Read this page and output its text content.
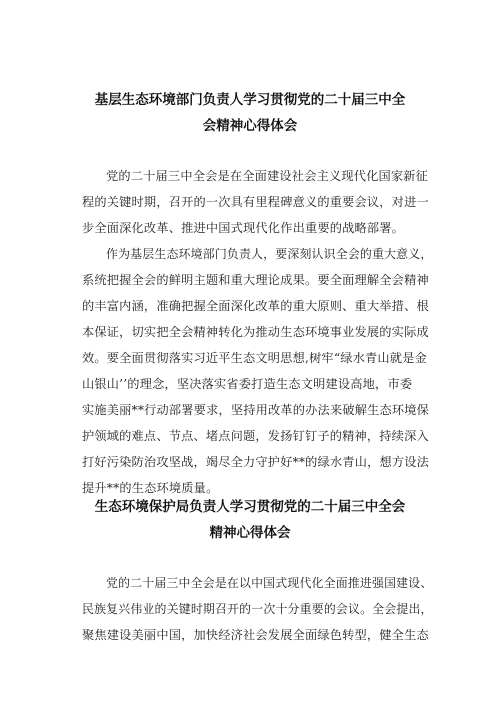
基层生态环境部门负责人学习贯彻党的二十届三中全
会精神心得体会
党的二十届三中全会是在全面建设社会主义现代化国家新征
程的关键时期，召开的一次具有里程碑意义的重要会议，对进一
步全面深化改革、推进中国式现代化作出重要的战略部署。
作为基层生态环境部门负责人，要深刻认识全会的重大意义，
系统把握全会的鲜明主题和重大理论成果。要全面理解全会精神
的丰富内涵，准确把握全面深化改革的重大原则、重大举措、根
本保证，切实把全会精神转化为推动生态环境事业发展的实际成
效。要全面贯彻落实习近平生态文明思想,树牢“绿水青山就是金
山银山’’的理念，坚决落实省委打造生态文明建设高地，市委
实施美丽**行动部署要求，坚持用改革的办法来破解生态环境保
护领域的难点、节点、堵点问题，发扬钉钉子的精神，持续深入
打好污染防治攻坚战，竭尽全力守护好**的绿水青山，想方设法
提升**的生态环境质量。
生态环境保护局负责人学习贯彻党的二十届三中全会
精神心得体会
党的二十届三中全会是在以中国式现代化全面推进强国建设、
民族复兴伟业的关键时期召开的一次十分重要的会议。全会提出，
聚焦建设美丽中国，加快经济社会发展全面绿色转型，健全生态
